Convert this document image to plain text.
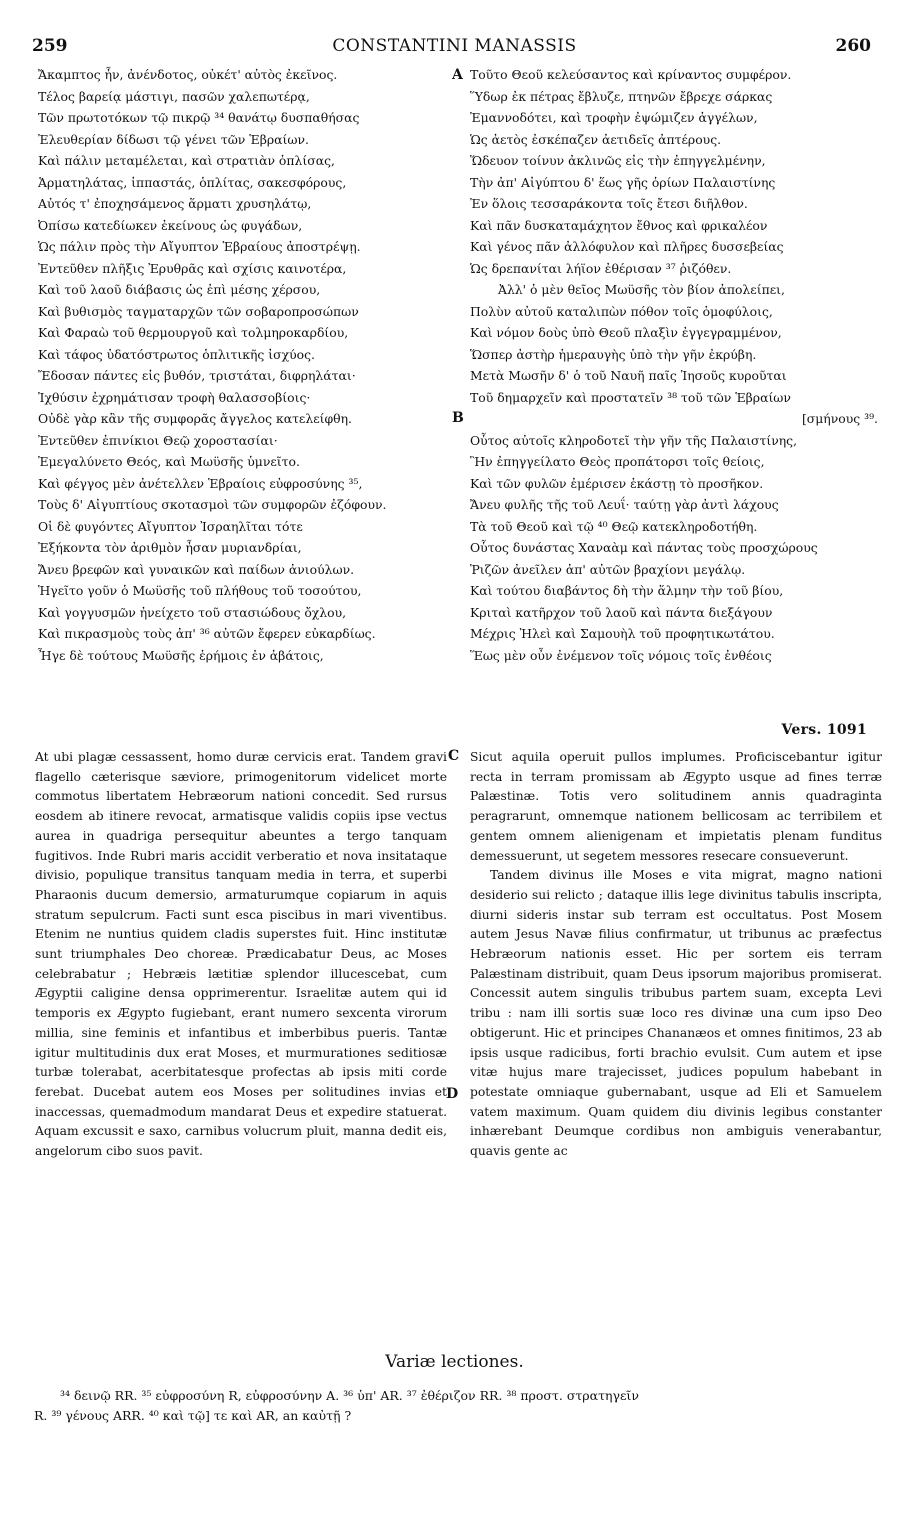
259	CONSTANTINI MANASSIS	260
Ἄκαμπτος ἦν, ἀνένδοτος, οὐκέτ' αὐτὸς ἐκεῖνος.
Τέλος βαρείᾳ μάστιγι, πασῶν χαλεπωτέρᾳ,
Τῶν πρωτοτόκων τῷ πικρῷ ³⁴ θανάτῳ δυσπαθήσας
Ἐλευθερίαν δίδωσι τῷ γένει τῶν Ἑβραίων.
Καὶ πάλιν μεταμέλεται, καὶ στρατιὰν ὁπλίσας,
Ἁρματηλάτας, ἱππαστάς, ὁπλίτας, σακεσφόρους,
Αὐτός τ' ἐποχησάμενος ἅρματι χρυσηλάτῳ,
Ὀπίσω κατεδίωκεν ἐκείνους ὡς φυγάδων,
Ὡς πάλιν πρὸς τὴν Αἴγυπτον Ἑβραίους ἀποστρέψῃ.
Ἐντεῦθεν πλῆξις Ἐρυθρᾶς καὶ σχίσις καινοτέρα,
Καὶ τοῦ λαοῦ διάβασις ὡς ἐπὶ μέσης χέρσου,
Καὶ βυθισμὸς ταγματαρχῶν τῶν σοβαροπροσώπων
Καὶ Φαραὼ τοῦ θερμουργοῦ καὶ τολμηροκαρδίου,
Καὶ τάφος ὑδατόστρωτος ὁπλιτικῆς ἰσχύος.
Ἔδοσαν πάντες εἰς βυθόν, τριστάται, διφρηλάται·
Ἰχθύσιν ἐχρημάτισαν τροφὴ θαλασσοβίοις·
Οὐδὲ γὰρ κἂν τῆς συμφορᾶς ἄγγελος κατελείφθη.
Ἐντεῦθεν ἐπινίκιοι Θεῷ χοροστασίαι·
Ἐμεγαλύνετο Θεός, καὶ Μωϋσῆς ὑμνεῖτο.
Καὶ φέγγος μὲν ἀνέτελλεν Ἑβραίοις εὐφροσύνης ³⁵,
Τοὺς δ' Αἰγυπτίους σκοτασμοὶ τῶν συμφορῶν ἐζόφουν.
Οἱ δὲ φυγόντες Αἴγυπτον Ἰσραηλῖται τότε
Ἐξήκοντα τὸν ἀριθμὸν ἦσαν μυριανδρίαι,
Ἄνευ βρεφῶν καὶ γυναικῶν καὶ παίδων ἀνιούλων.
Ἡγεῖτο γοῦν ὁ Μωϋσῆς τοῦ πλήθους τοῦ τοσούτου,
Καὶ γογγυσμῶν ἠνείχετο τοῦ στασιώδους ὄχλου,
Καὶ πικρασμοὺς τοὺς ἀπ' ³⁶ αὐτῶν ἔφερεν εὐκαρδίως.
Ἦγε δὲ τούτους Μωϋσῆς ἐρήμοις ἐν ἀβάτοις,
A Τοῦτο Θεοῦ κελεύσαντος καὶ κρίναντος συμφέρον.
Ὕδωρ ἐκ πέτρας ἔβλυζε, πτηνῶν ἔβρεχε σάρκας
Ἐμαννοδότει, καὶ τροφὴν ἐψώμιζεν ἀγγέλων,
Ὡς ἀετὸς ἐσκέπαζεν ἀετιδεῖς ἀπτέρους.
Ὥδευον τοίνυν ἀκλινῶς εἰς τὴν ἐπηγγελμένην,
Τὴν ἀπ' Αἰγύπτου δ' ἕως γῆς ὁρίων Παλαιστίνης
Ἐν ὅλοις τεσσαράκοντα τοῖς ἔτεσι διῆλθον.
Καὶ πᾶν δυσκαταμάχητον ἔθνος καὶ φρικαλέον
Καὶ γένος πᾶν ἀλλόφυλον καὶ πλῆρες δυσσεβείας
Ὡς δρεπανίται λήϊον ἐθέρισαν ³⁷ ῥιζόθεν.
Ἀλλ' ὁ μὲν θεῖος Μωϋσῆς τὸν βίον ἀπολείπει,
Πολὺν αὐτοῦ καταλιπὼν πόθον τοῖς ὁμοφύλοις,
Καὶ νόμον δοὺς ὑπὸ Θεοῦ πλαξὶν ἐγγεγραμμένον,
Ὥσπερ ἀστὴρ ἡμεραυγὴς ὑπὸ τὴν γῆν ἐκρύβη.
Μετὰ Μωσῆν δ' ὁ τοῦ Ναυῆ παῖς Ἰησοῦς κυροῦται
Τοῦ δημαρχεῖν καὶ προστατεῖν ³⁸ τοῦ τῶν Ἑβραίων
[σμήνους ³⁹.
Οὗτος αὐτοῖς κληροδοτεῖ τὴν γῆν τῆς Παλαιστίνης,
Ἣν ἐπηγγείλατο Θεὸς προπάτορσι τοῖς θείοις,
Καὶ τῶν φυλῶν ἐμέρισεν ἑκάστῃ τὸ προσῆκον.
Ἄνευ φυλῆς τῆς τοῦ Λευΐ· ταύτῃ γὰρ ἀντὶ λάχους
Τὰ τοῦ Θεοῦ καὶ τῷ ⁴⁰ Θεῷ κατεκληροδοτήθη.
Οὗτος δυνάστας Χαναὰμ καὶ πάντας τοὺς προσχώρους
Ῥιζῶν ἀνεῖλεν ἀπ' αὐτῶν βραχίονι μεγάλῳ.
Καὶ τούτου διαβάντος δὴ τὴν ἅλμην τὴν τοῦ βίου,
Κριταὶ κατῆρχον τοῦ λαοῦ καὶ πάντα διεξάγουν
Μέχρις Ἠλεὶ καὶ Σαμουὴλ τοῦ προφητικωτάτου.
Ἕως μὲν οὖν ἐνέμενον τοῖς νόμοις τοῖς ἐνθέοις
B
Vers. 1091

At ubi plagæ cessassent, homo duræ cervicis erat. Tandem gravi flagello cæterisque sæviore, primogenitorum videlicet morte commotus libertatem Hebræorum nationi concedit. Sed rursus eosdem ab itinere revocat, armatisque validis copiis ipse vectus aurea in quadriga persequitur abeuntes a tergo tanquam fugitivos. Inde Rubri maris accidit verberatio et nova insitataque divisio, populique transitus tanquam media in terra, et superbi Pharaonis ducum demersio, armaturumque copiarum in aquis stratum sepulcrum. Facti sunt esca piscibus in mari viventibus. Etenim ne nuntius quidem cladis superstes fuit. Hinc institutæ sunt triumphales Deo choreæ. Prædicabatur Deus, ac Moses celebrabatur ; Hebræis lætitiæ splendor illucescebat, cum Ægyptii caligine densa opprimerentur. Israelitæ autem qui id temporis ex Ægypto fugiebant, erant numero sexcenta virorum millia, sine feminis et infantibus et imberbibus pueris. Tantæ igitur multitudinis dux erat Moses, et murmurationes seditiosæ turbæ tolerabat, acerbitatesque profectas ab ipsis miti corde ferebat. Ducebat autem eos Moses per solitudines invias et inaccessas, quemadmodum mandarat Deus et expedire statuerat. Aquam excussit e saxo, carnibus volucrum pluit, manna dedit eis, angelorum cibo suos pavit.

C Sicut aquila operuit pullos implumes. Proficiscebantur igitur recta in terram promissam ab Ægypto usque ad fines terræ Palæstinæ. Totis vero solitudinem annis quadraginta peragrarunt, omnemque nationem bellicosam ac terribilem et gentem omnem alienigenam et impietatis plenam funditus demessuerunt, ut segetem messores resecare consueverunt.

Tandem divinus ille Moses e vita migrat, magno nationi desiderio sui relicto ; dataque illis lege divinitus tabulis inscripta, diurni sideris instar sub terram est occultatus. Post Mosem autem Jesus Navæ filius confirmatur, ut tribunus ac præfectus Hebræorum nationis esset. Hic per sortem eis terram Palæstinam distribuit, quam Deus ipsorum majoribus promiserat. Concessit autem singulis tribubus partem suam, excepta Levi tribu : nam illi sortis suæ loco res divinæ una cum ipso Deo obtigerunt. Hic et principes Chananæos et omnes finitimos, 23 ab ipsis usque radicibus, forti brachio evulsit. Cum autem et ipse vitæ hujus mare trajecisset, judices populum habebant in potestate omniaque gubernabant, usque ad Eli et Samuelem vatem maximum. Quam quidem diu divinis legibus constanter inhærebant Deumque cordibus non ambiguis venerabantur, quavis gente ac

D
Variæ lectiones.
³⁴ δεινῷ RR. ³⁵ εὐφροσύνη R, εὐφροσύνην A. ³⁶ ὑπ' AR. ³⁷ ἐθέριζον RR. ³⁸ προστ. στρατηγεῖν
R. ³⁹ γένους ARR. ⁴⁰ καὶ τῷ] τε καὶ AR, an καὐτῇ ?
